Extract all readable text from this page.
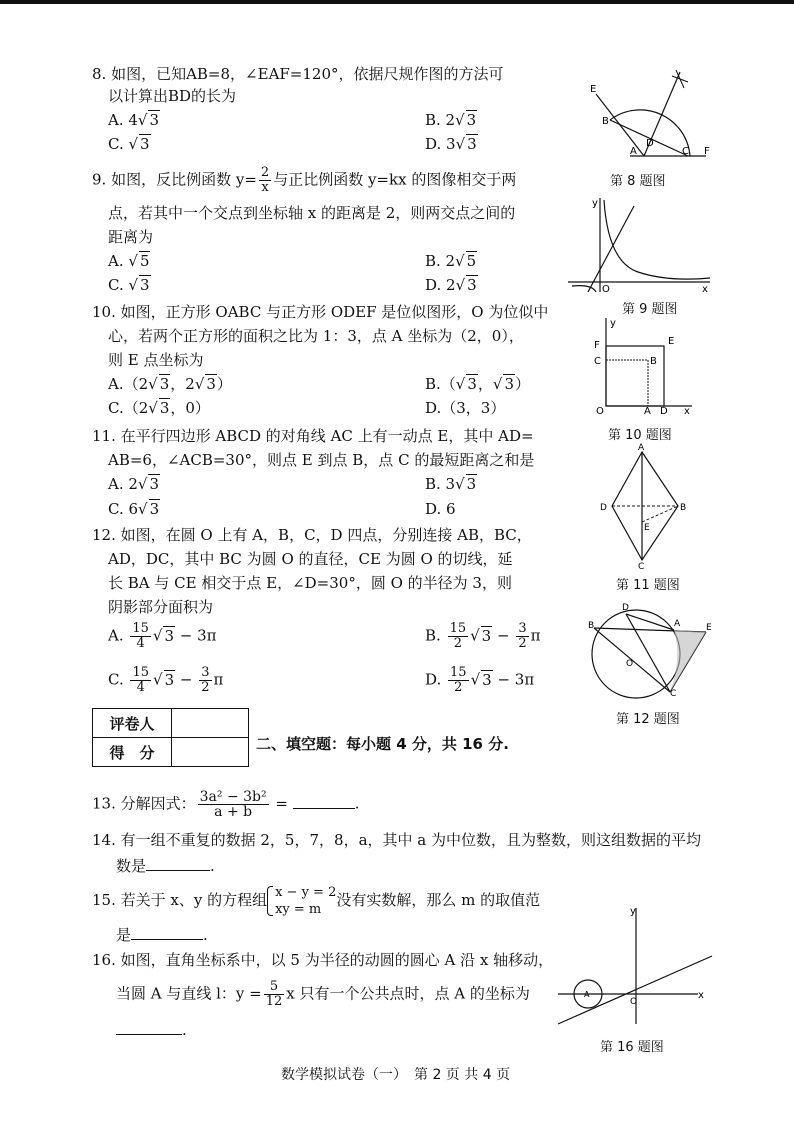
8. 如图，已知AB=8，∠EAF=120°，依据尺规作图的方法可
以计算出BD的长为
A. 4√ 3	B. 2√ 3
C. √ 3	D. 3√ 3
9. 如图，反比例函数 $y= \frac{2}{x}$ 与正比例函数 y=kx 的图像相交于两
点，若其中一个交点到坐标轴 x 的距离是 2，则两交点之间的
距离为
A. √ 5	B. 2√ 5
C. √ 3	D. 2√ 3
10. 如图，正方形 OABC 与正方形 ODEF 是位似图形，O 为位似中
心，若两个正方形的面积之比为 1：3，点 A 坐标为（2，0），
则 E 点坐标为
A.（2√ 3，2√ 3）	B.（√ 3，√ 3）
C.（2√ 3，0）	D.（3，3）
11. 在平行四边形 ABCD 的对角线 AC 上有一动点 E，其中 AD=
AB=6，∠ACB=30°，则点 E 到点 B，点 C 的最短距离之和是
A. 2√ 3	B. 3√ 3
C. 6√ 3	D. 6
12. 如图，在圆 O 上有 A，B，C，D 四点，分别连接 AB，BC，
AD，DC，其中 BC 为圆 O 的直径，CE 为圆 O 的切线，延
长 BA 与 CE 相交于点 E，∠D=30°，圆 O 的半径为 3，则
阴影部分面积为
A. $\frac{15}{4}$ √ 3 − 3π	B. $\frac{15}{2}$ √ $3 - \frac{3}{2}$ π
C. $\frac{15}{4}$ √ $3 - \frac{3}{2}$ π	D. $\frac{15}{2}$ √ 3 − 3π
评卷人	
得　分		二、填空题：每小题 4 分，共 16 分.
13. 分解因式： $\frac{\text{3a² − 3b²}}{a + b}$ =	.
14. 有一组不重复的数据 2，5，7，8，a，其中 a 为中位数，且为整数，则这组数据的平均
数是	.
15. 若关于 x、y 的方程组 x − y = 2
xy = m
没有实数解，那么 m 的取值范
是	.
16. 如图，直角坐标系中，以 5 为半径的动圆的圆心 A 沿 x 轴移动，
当圆 A 与直线 l：$y = \frac{5}{12}$ x 只有一个公共点时，点 A 的坐标为
.
E
B
D
A	C F
第 8 题图
y
O	x
第 9 题图
y
F	E
C	B
O	A D x
第 10 题图
A
D
E
B
C
第 11 题图
D
B	A	E
O
C
第 12 题图
y
A
O
x
第 16 题图
数学模拟试卷（一）　第 2 页 共 4 页
